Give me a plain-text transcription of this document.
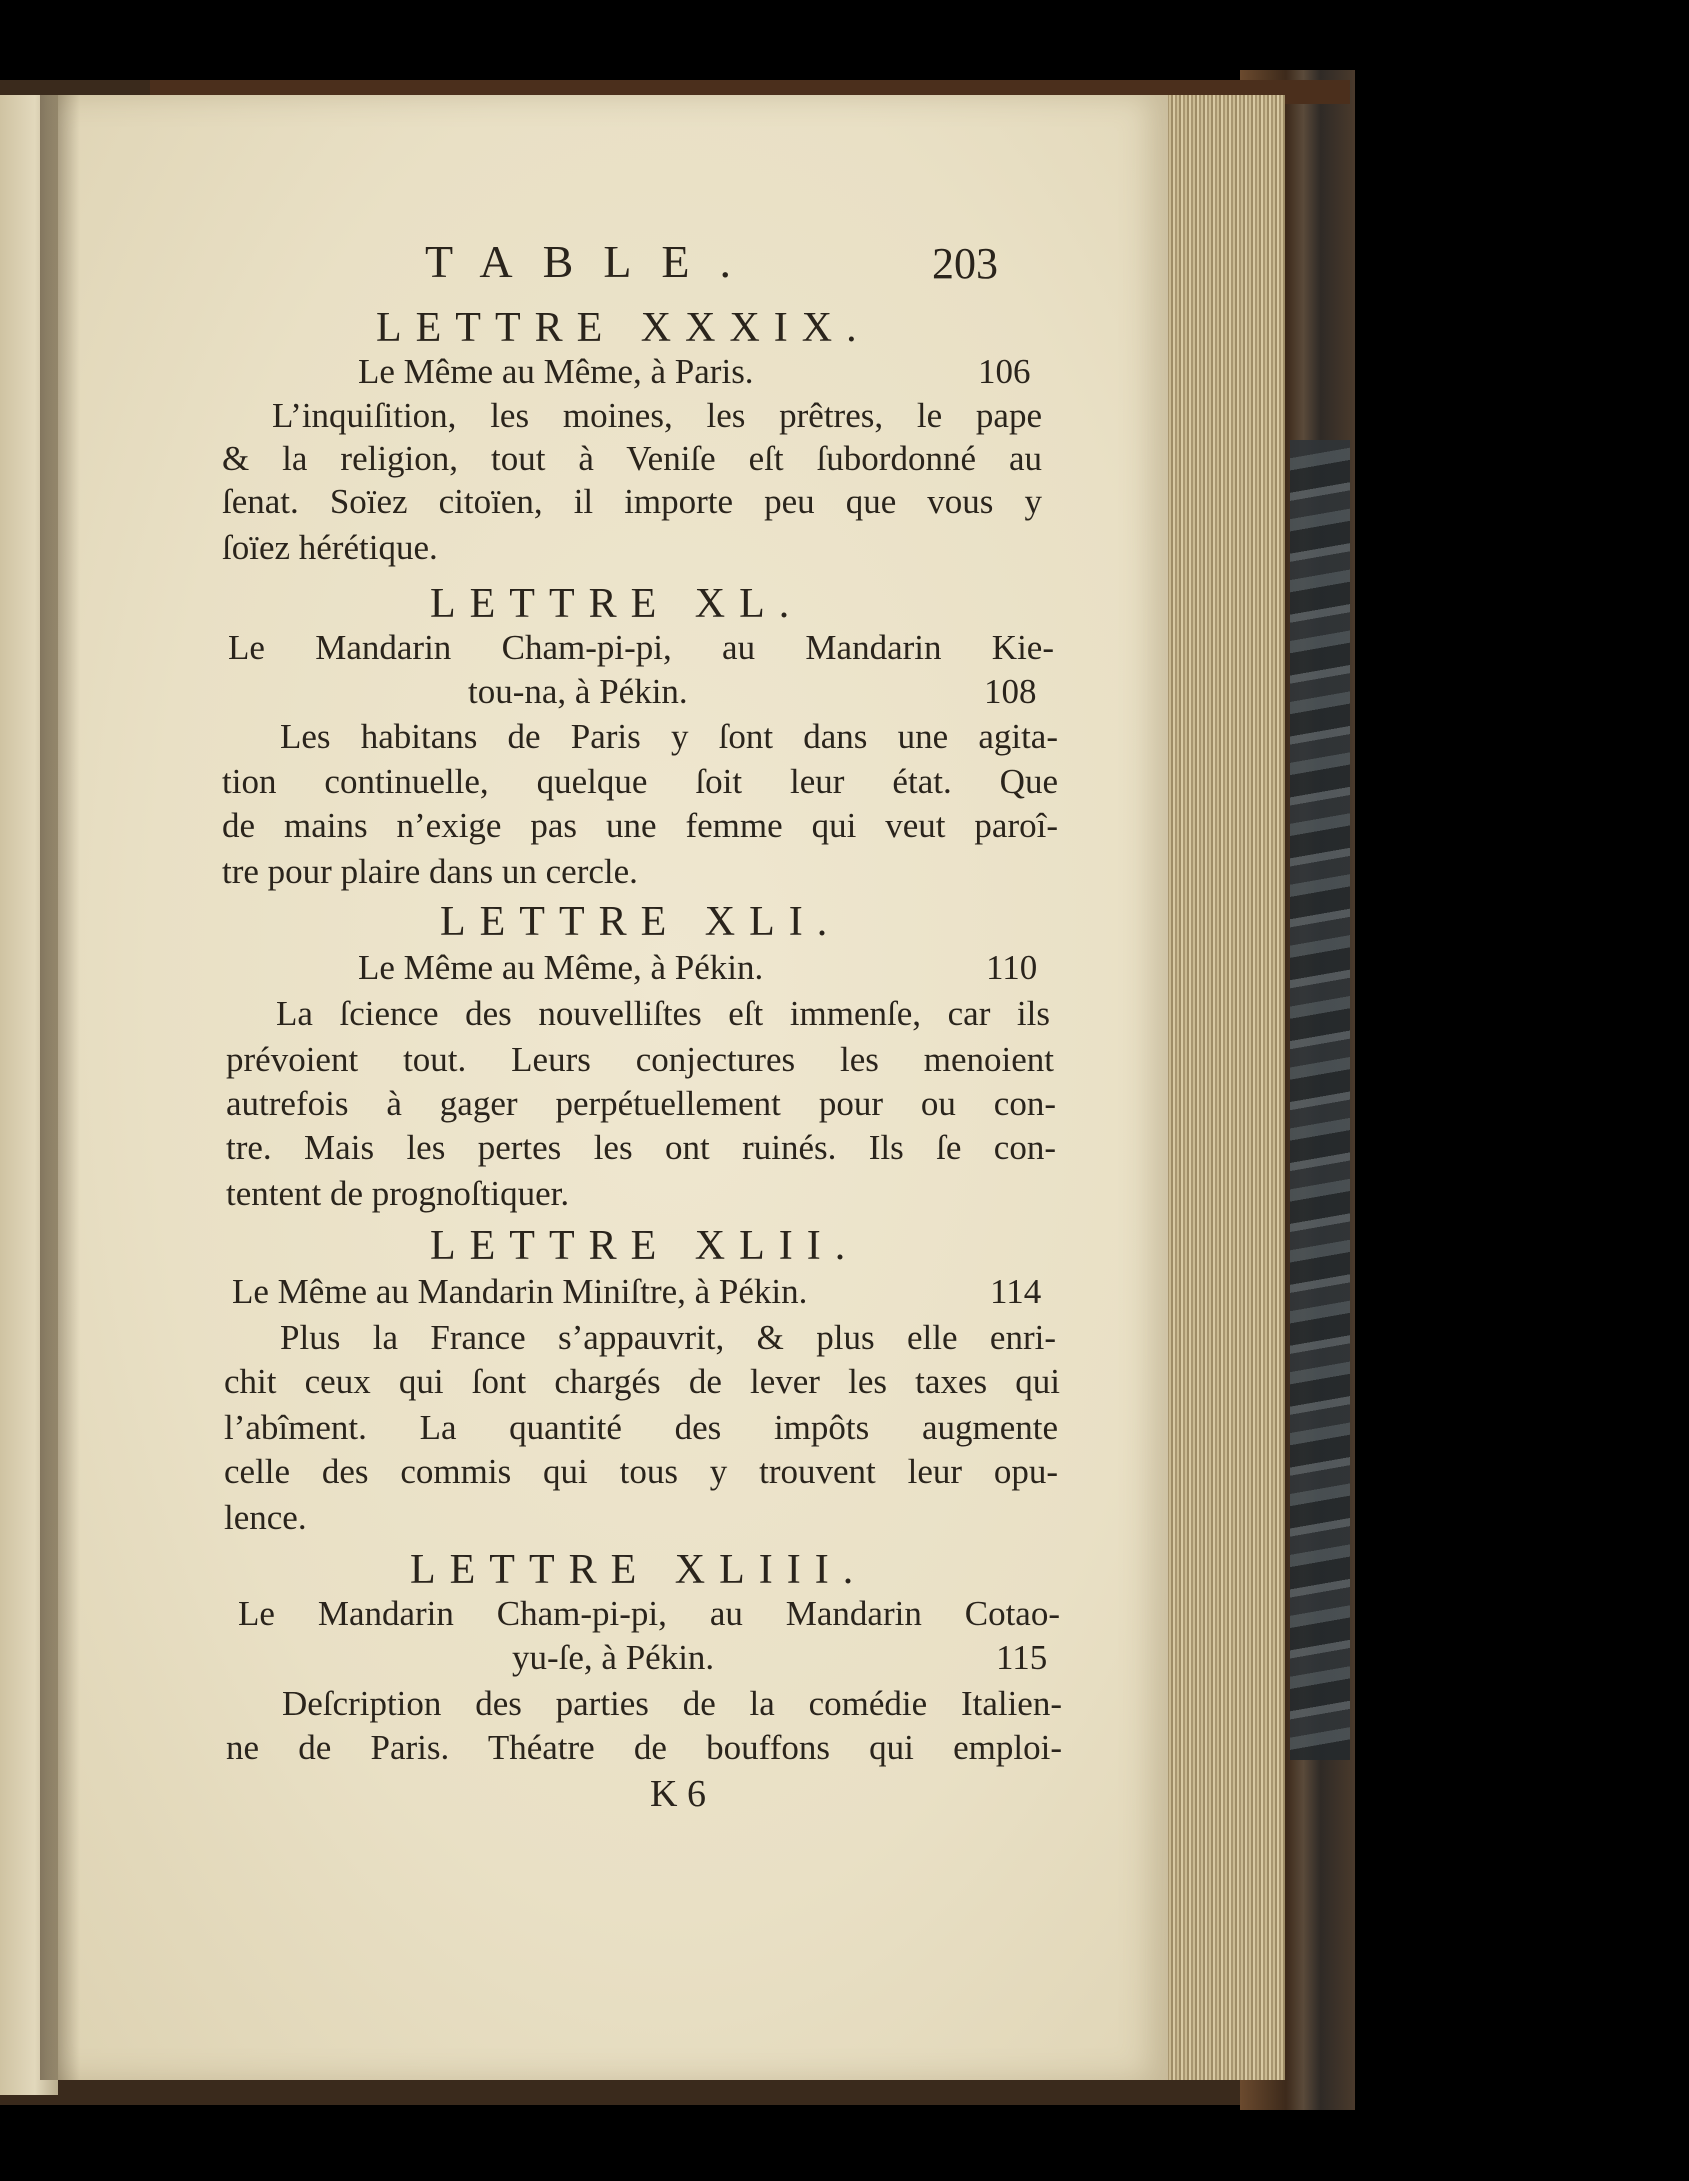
TABLE.	203
LETTRE XXXIX.
Le Même au Même, à Paris.	106
L’inquiſition, les moines, les prêtres, le pape
& la religion, tout à Veniſe eſt ſubordonné au
ſenat. Soïez citoïen, il importe peu que vous y
ſoïez hérétique.
LETTRE XL.
Le Mandarin Cham-pi-pi, au Mandarin Kie-
tou-na, à Pékin.	108
Les habitans de Paris y ſont dans une agita-
tion continuelle, quelque ſoit leur état. Que
de mains n’exige pas une femme qui veut paroî-
tre pour plaire dans un cercle.
LETTRE XLI.
Le Même au Même, à Pékin.	110
La ſcience des nouvelliſtes eſt immenſe, car ils
prévoient tout. Leurs conjectures les menoient
autrefois à gager perpétuellement pour ou con-
tre. Mais les pertes les ont ruinés. Ils ſe con-
tentent de prognoſtiquer.
LETTRE XLII.
Le Même au Mandarin Miniſtre, à Pékin.	114
Plus la France s’appauvrit, & plus elle enri-
chit ceux qui ſont chargés de lever les taxes qui
l’abîment. La quantité des impôts augmente
celle des commis qui tous y trouvent leur opu-
lence.
LETTRE XLIII.
Le Mandarin Cham-pi-pi, au Mandarin Cotao-
yu-ſe, à Pékin.	115
Deſcription des parties de la comédie Italien-
ne de Paris. Théatre de bouffons qui emploi-
K 6
